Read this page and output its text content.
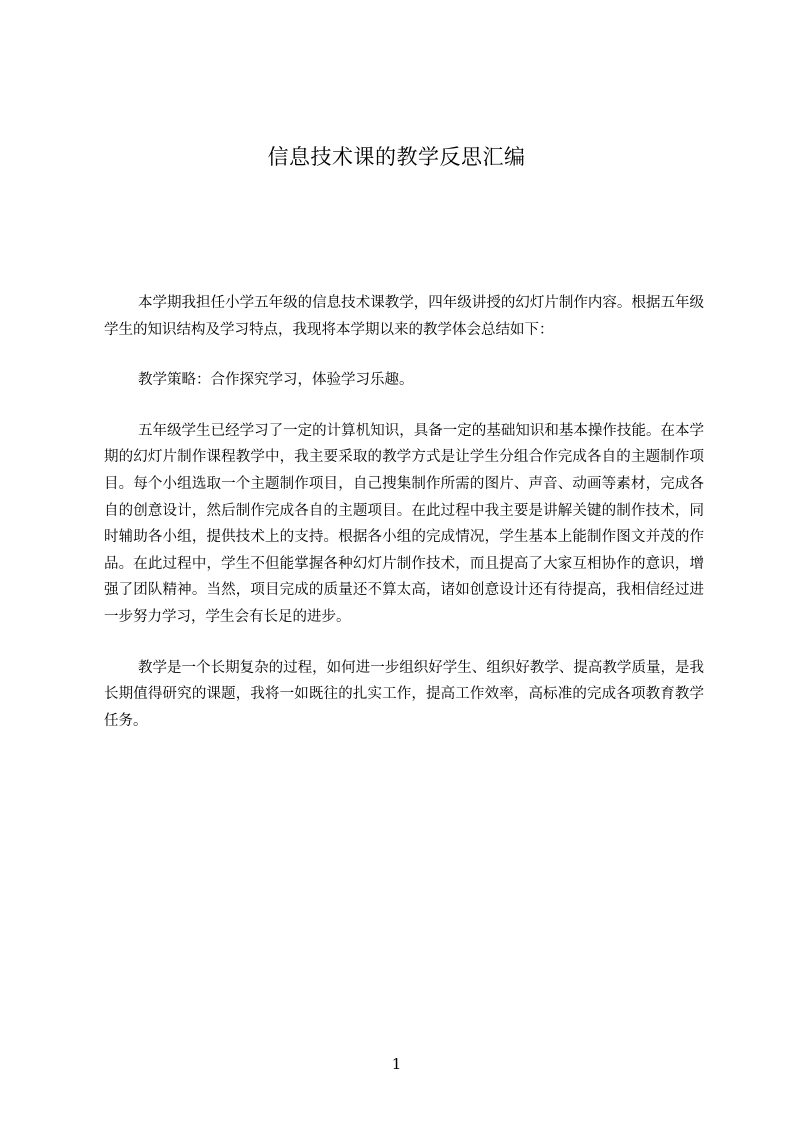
信息技术课的教学反思汇编

本学期我担任小学五年级的信息技术课教学，四年级讲授的幻灯片制作内容。根据五年级学生的知识结构及学习特点，我现将本学期以来的教学体会总结如下：

教学策略：合作探究学习，体验学习乐趣。

五年级学生已经学习了一定的计算机知识，具备一定的基础知识和基本操作技能。在本学期的幻灯片制作课程教学中，我主要采取的教学方式是让学生分组合作完成各自的主题制作项目。每个小组选取一个主题制作项目，自己搜集制作所需的图片、声音、动画等素材，完成各自的创意设计，然后制作完成各自的主题项目。在此过程中我主要是讲解关键的制作技术，同时辅助各小组，提供技术上的支持。根据各小组的完成情况，学生基本上能制作图文并茂的作品。在此过程中，学生不但能掌握各种幻灯片制作技术，而且提高了大家互相协作的意识，增强了团队精神。当然，项目完成的质量还不算太高，诸如创意设计还有待提高，我相信经过进一步努力学习，学生会有长足的进步。

教学是一个长期复杂的过程，如何进一步组织好学生、组织好教学、提高教学质量，是我长期值得研究的课题，我将一如既往的扎实工作，提高工作效率，高标准的完成各项教育教学任务。

1
